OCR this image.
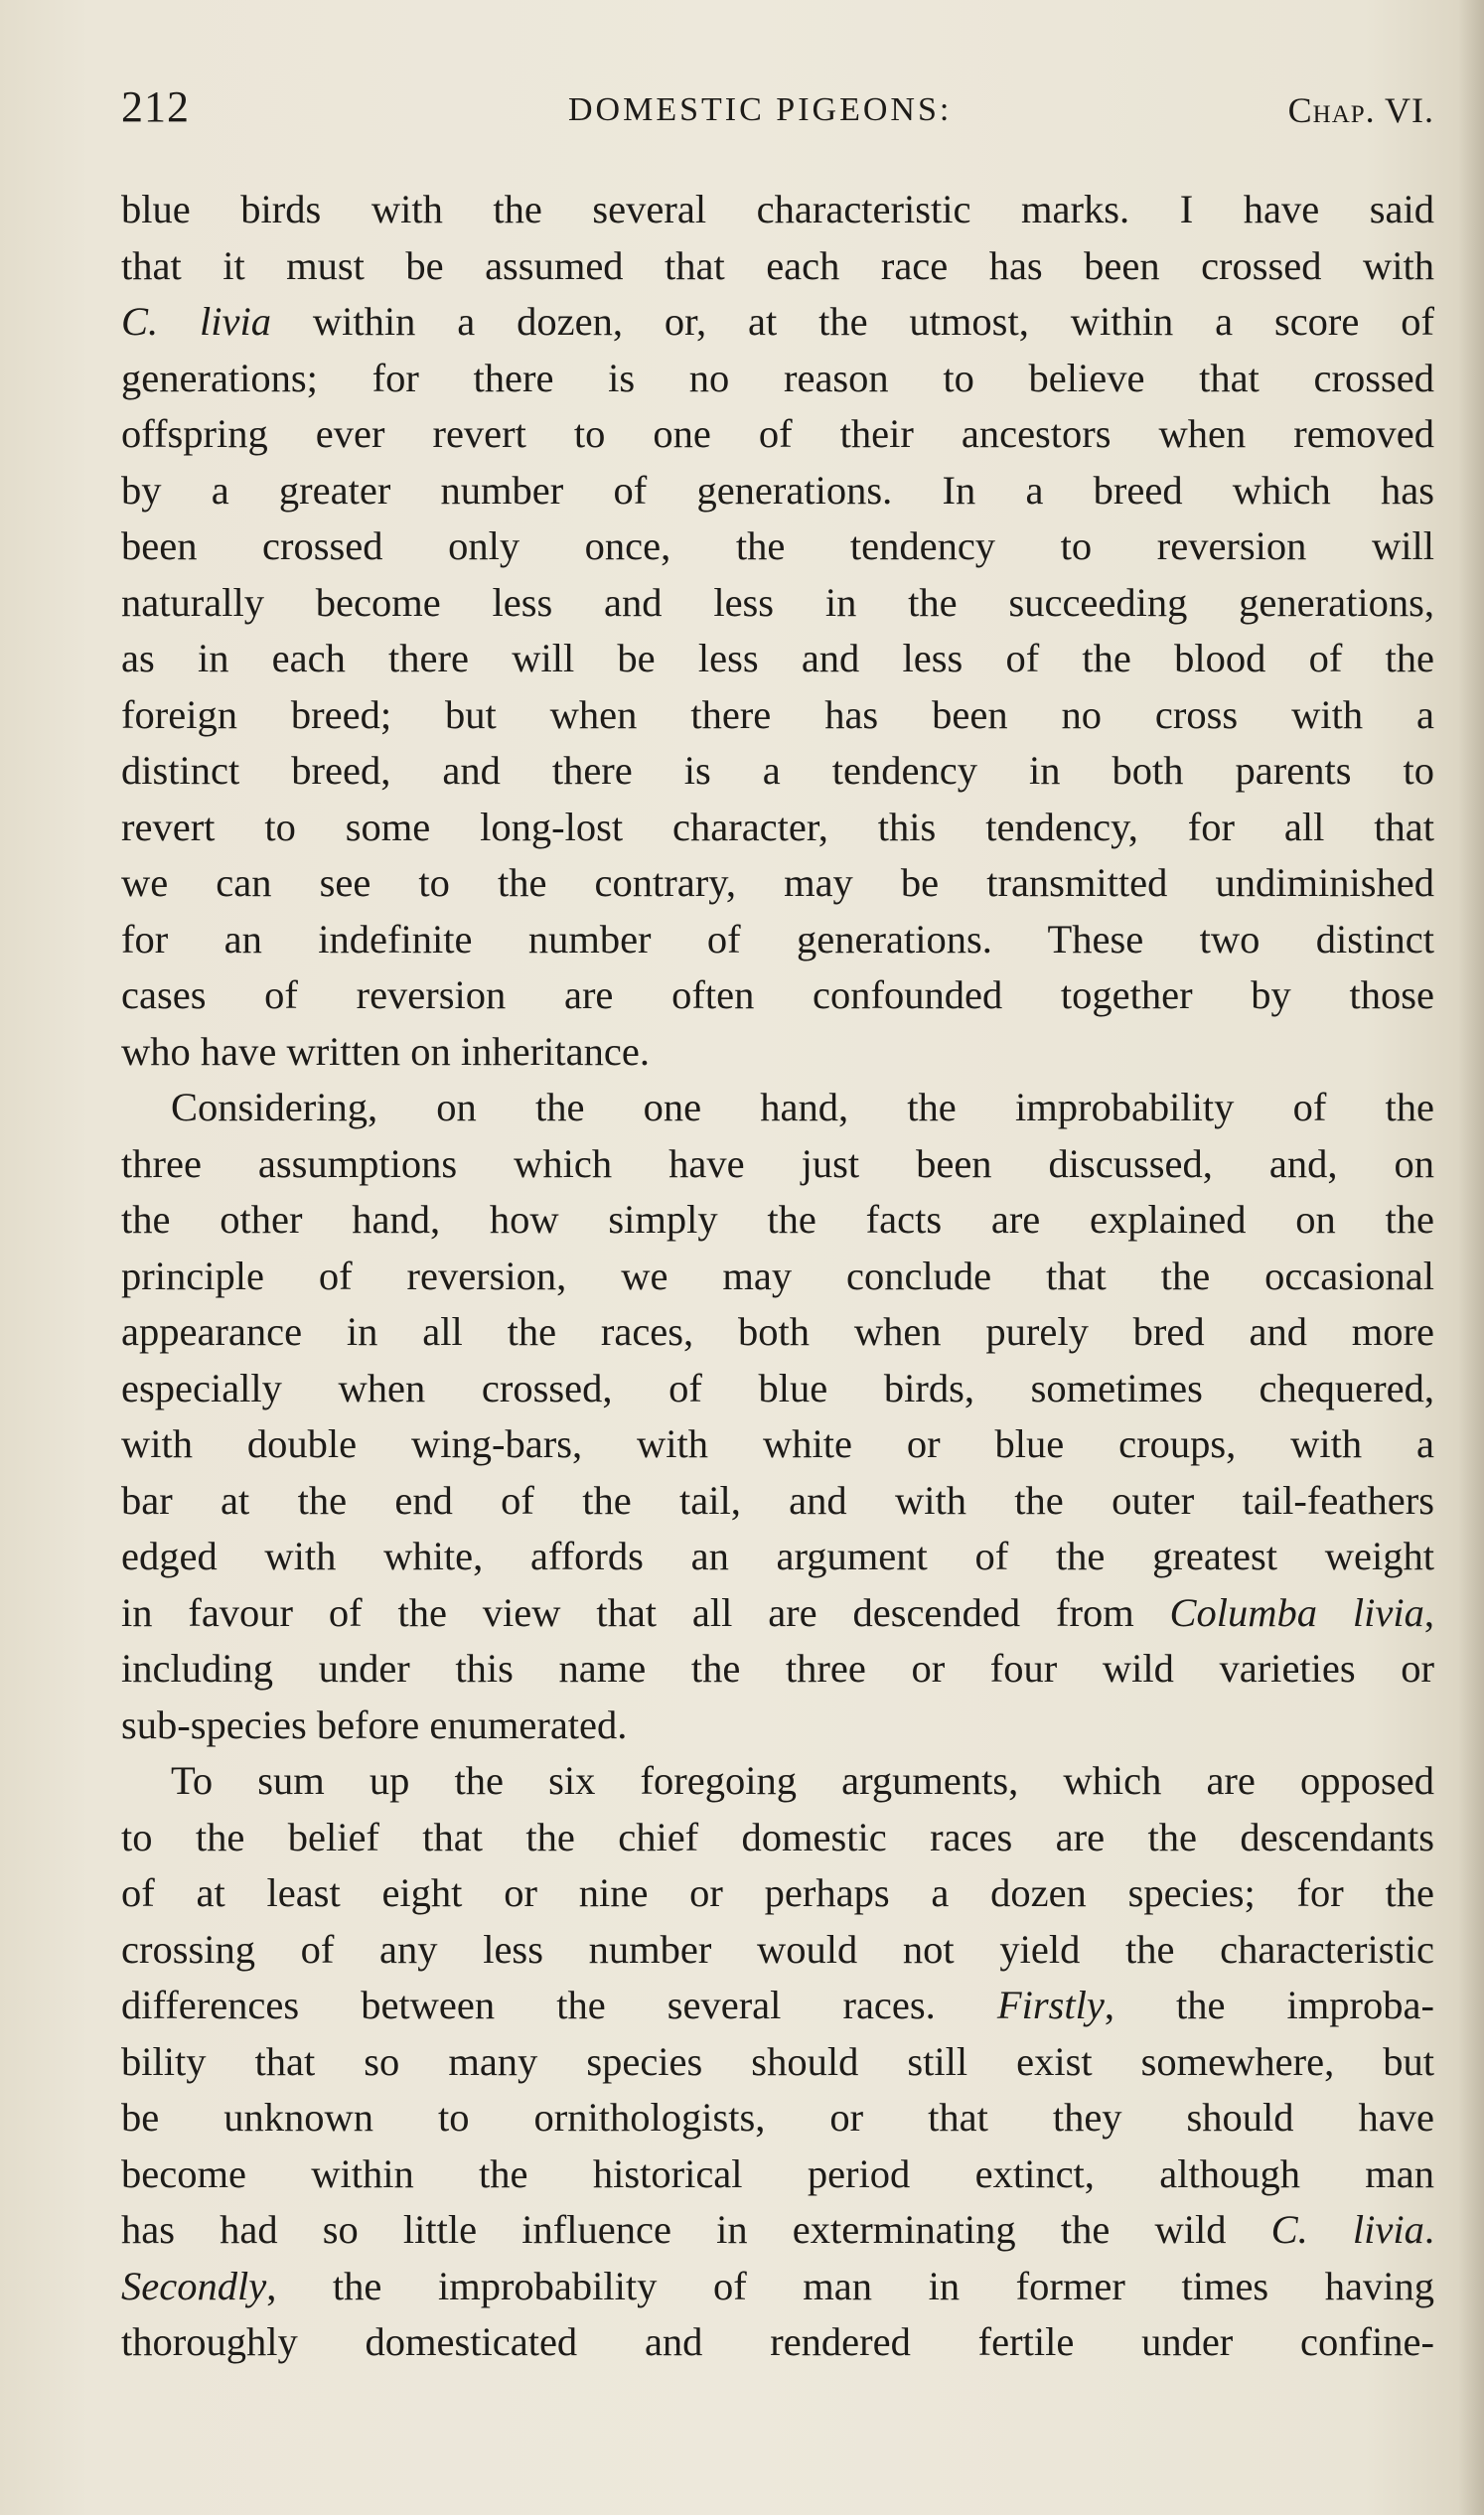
212	DOMESTIC PIGEONS:	Chap. VI.
blue birds with the several characteristic marks. I have said
that it must be assumed that each race has been crossed with
C. livia within a dozen, or, at the utmost, within a score of
generations; for there is no reason to believe that crossed
offspring ever revert to one of their ancestors when removed
by a greater number of generations. In a breed which has
been crossed only once, the tendency to reversion will
naturally become less and less in the succeeding generations,
as in each there will be less and less of the blood of the
foreign breed; but when there has been no cross with a
distinct breed, and there is a tendency in both parents to
revert to some long-lost character, this tendency, for all that
we can see to the contrary, may be transmitted undiminished
for an indefinite number of generations. These two distinct
cases of reversion are often confounded together by those
who have written on inheritance.
Considering, on the one hand, the improbability of the
three assumptions which have just been discussed, and, on
the other hand, how simply the facts are explained on the
principle of reversion, we may conclude that the occasional
appearance in all the races, both when purely bred and more
especially when crossed, of blue birds, sometimes chequered,
with double wing-bars, with white or blue croups, with a
bar at the end of the tail, and with the outer tail-feathers
edged with white, affords an argument of the greatest weight
in favour of the view that all are descended from Columba livia,
including under this name the three or four wild varieties or
sub-species before enumerated.
To sum up the six foregoing arguments, which are opposed
to the belief that the chief domestic races are the descendants
of at least eight or nine or perhaps a dozen species; for the
crossing of any less number would not yield the characteristic
differences between the several races. Firstly, the improba-
bility that so many species should still exist somewhere, but
be unknown to ornithologists, or that they should have
become within the historical period extinct, although man
has had so little influence in exterminating the wild C. livia.
Secondly, the improbability of man in former times having
thoroughly domesticated and rendered fertile under confine-
